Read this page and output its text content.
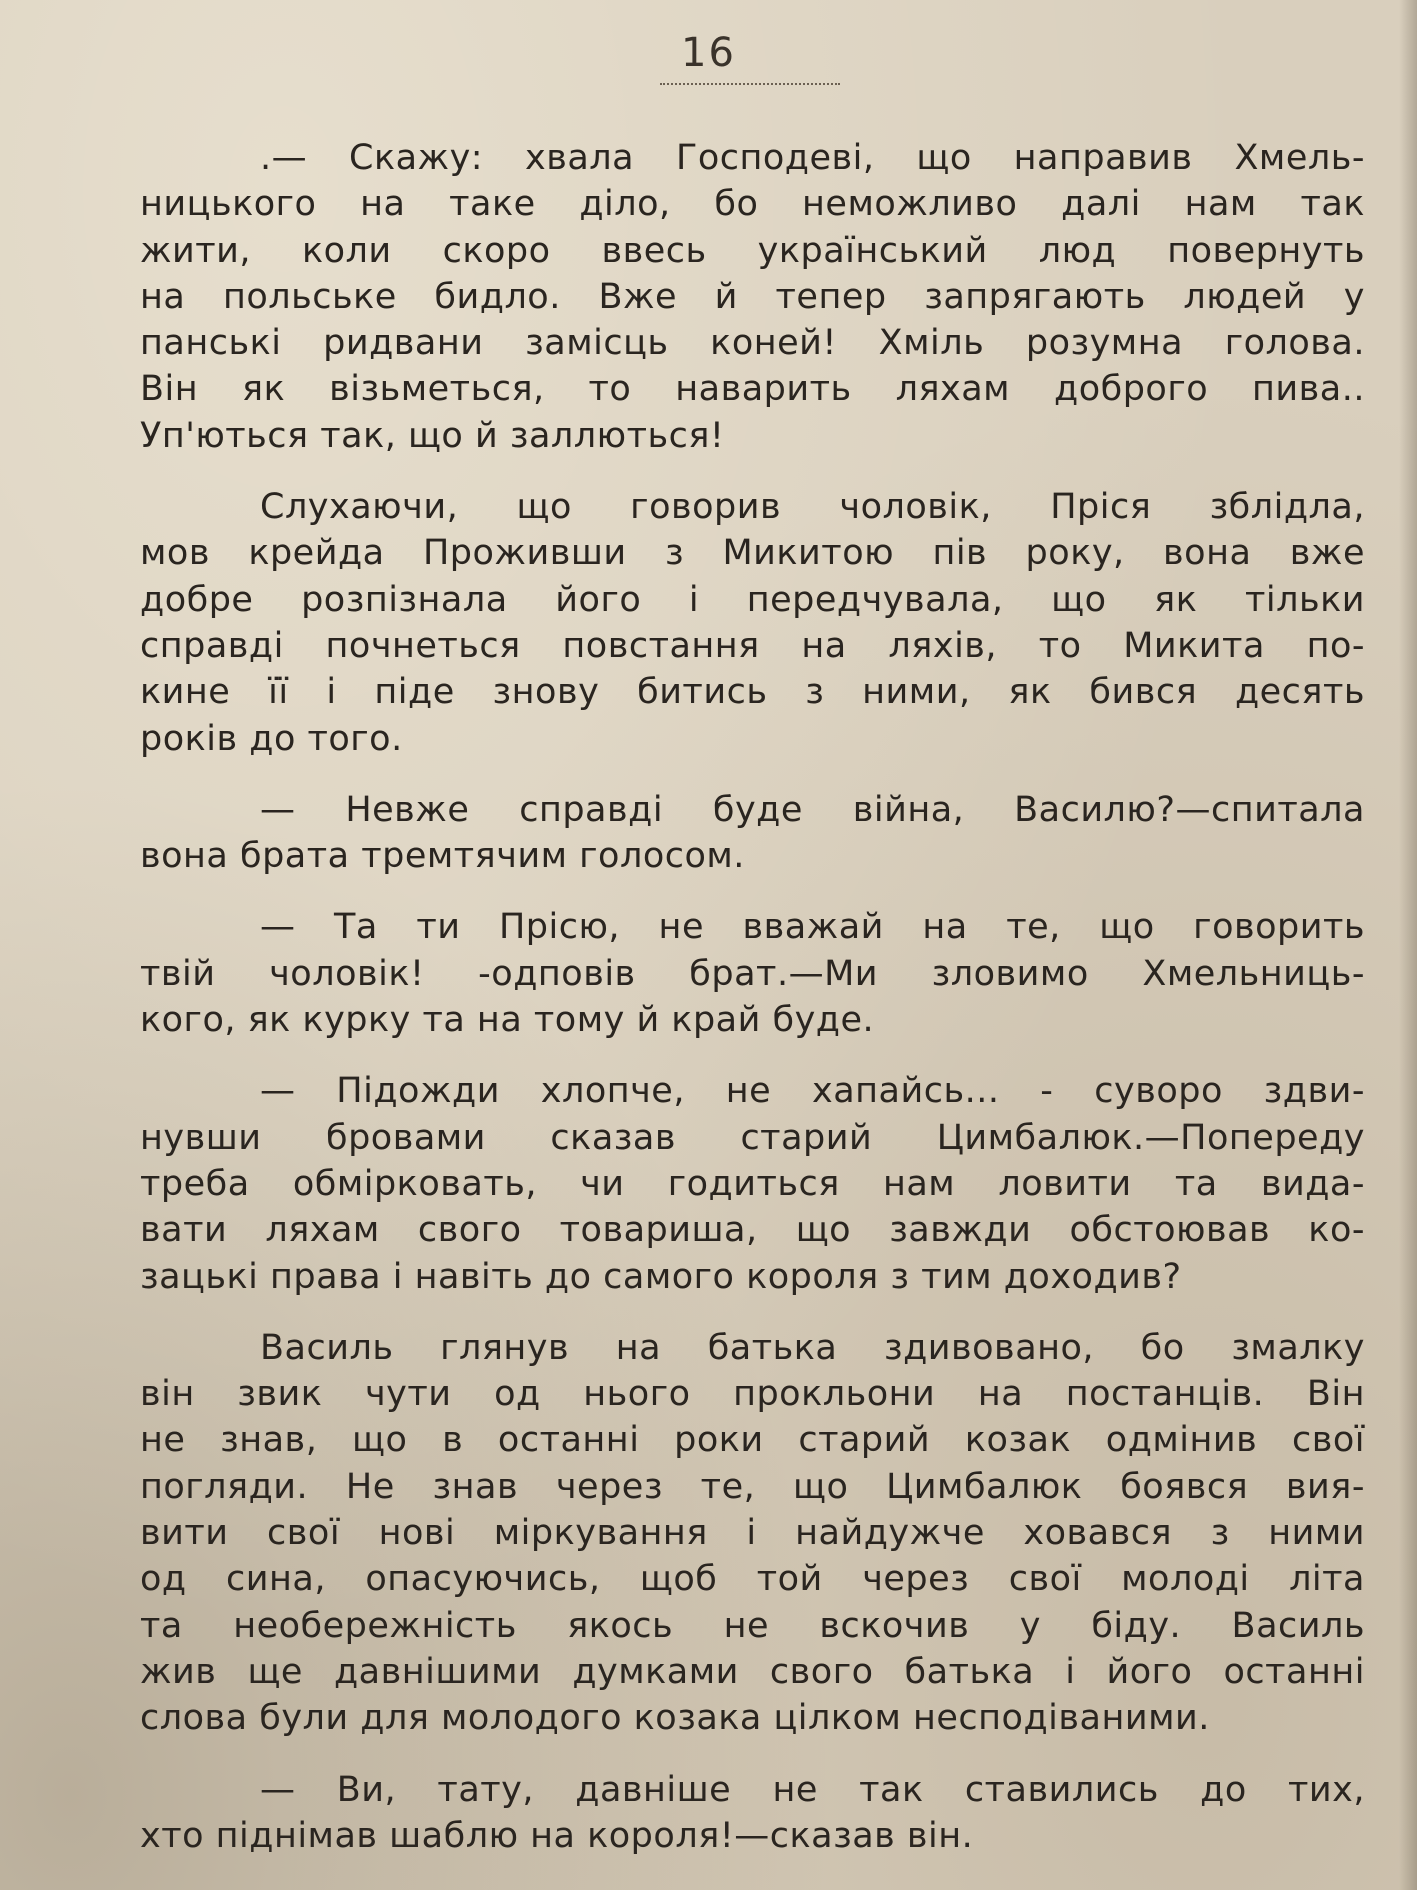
16
.— Скажу: хвала Господеві, що направив Хмель-
ницького на таке діло, бо неможливо далі нам так
жити, коли скоро ввесь український люд повернуть
на польське бидло. Вже й тепер запрягають людей у
панські ридвани замісць коней! Хміль розумна голова.
Він як візьметься, то наварить ляхам доброго пива..
Уп'ються так, що й заллються!
Слухаючи, що говорив чоловік, Пріся зблідла,
мов крейда Проживши з Микитою пів року, вона вже
добре розпізнала його і передчувала, що як тільки
справді почнеться повстання на ляхів, то Микита по-
кине її і піде знову битись з ними, як бився десять
років до того.
— Невже справді буде війна, Василю?—спитала
вона брата тремтячим голосом.
— Та ти Прісю, не вважай на те, що говорить
твій чоловік! -одповів брат.—Ми зловимо Хмельниць-
кого, як курку та на тому й край буде.
— Підожди хлопче, не хапайсь... - суворо здви-
нувши бровами сказав старий Цимбалюк.—Попереду
треба обмірковать, чи годиться нам ловити та вида-
вати ляхам свого товариша, що завжди обстоював ко-
зацькі права і навіть до самого короля з тим доходив?
Василь глянув на батька здивовано, бо змалку
він звик чути од нього прокльони на постанців. Він
не знав, що в останні роки старий козак одмінив свої
погляди. Не знав через те, що Цимбалюк боявся вия-
вити свої нові міркування і найдужче ховався з ними
од сина, опасуючись, щоб той через свої молоді літа
та необережність якось не вскочив у біду. Василь
жив ще давнішими думками свого батька і його останні
слова були для молодого козака цілком несподіваними.
— Ви, тату, давніше не так ставились до тих,
хто піднімав шаблю на короля!—сказав він.
